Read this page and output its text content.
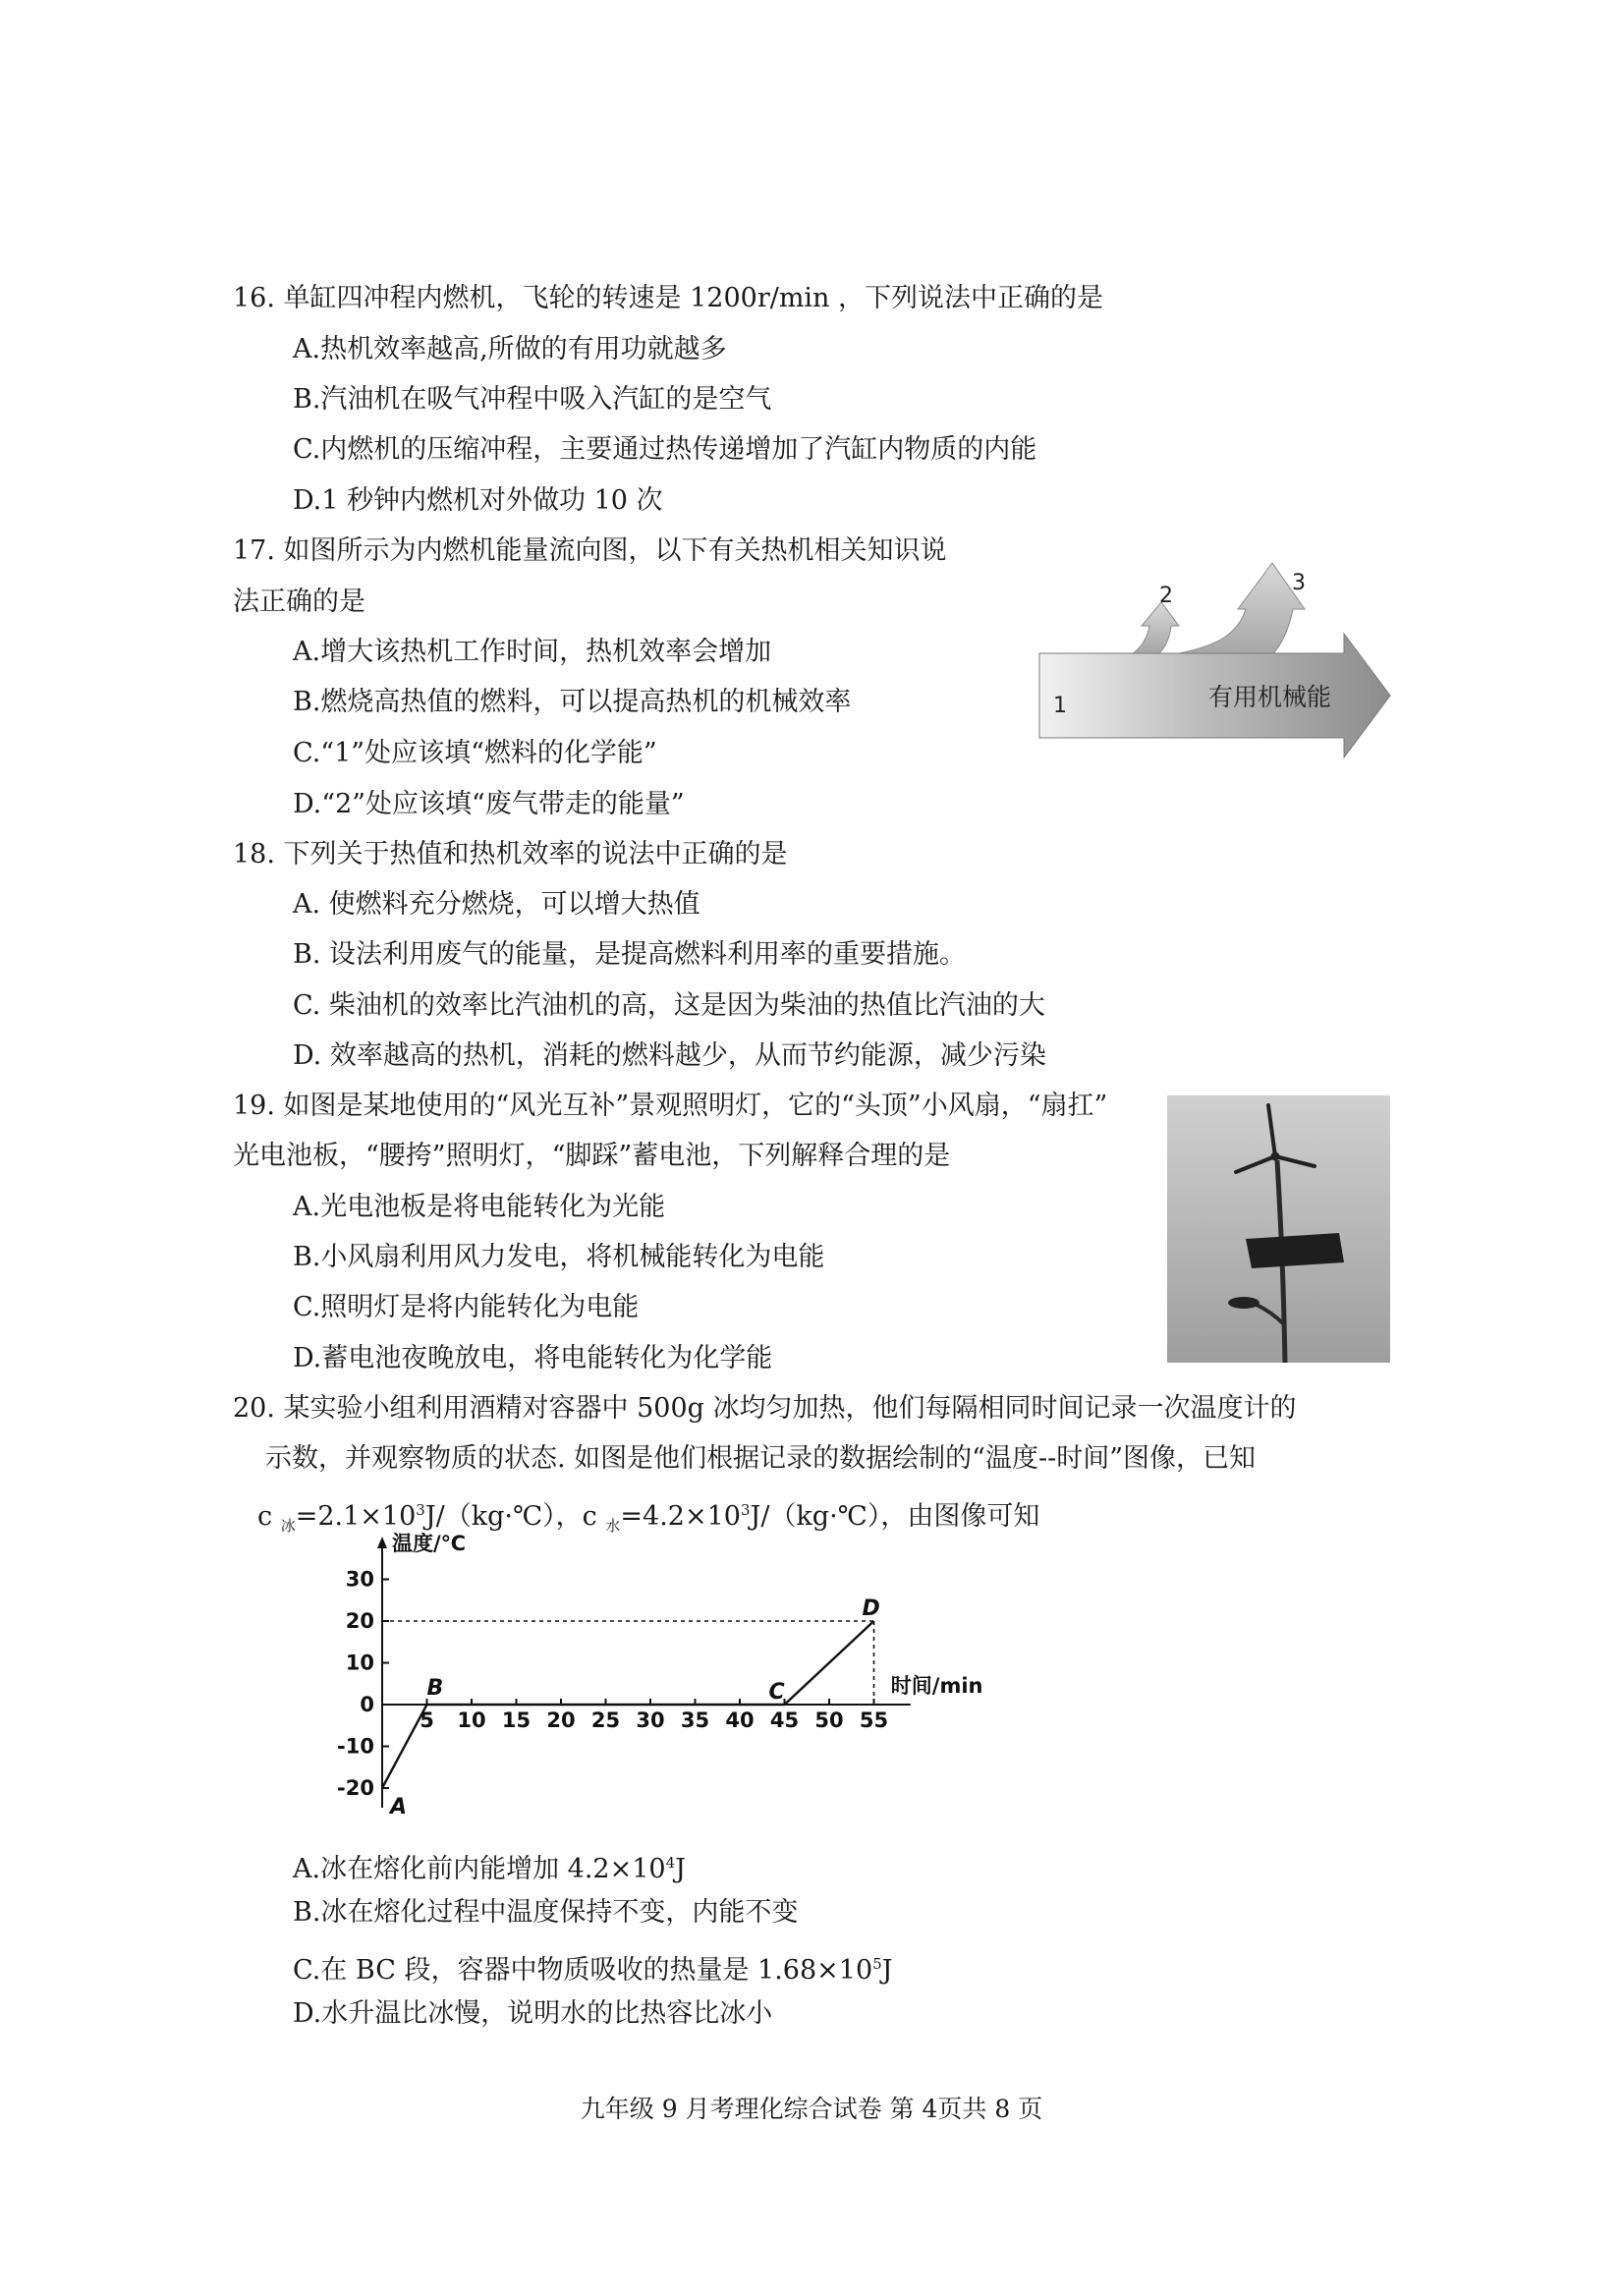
16. 单缸四冲程内燃机，飞轮的转速是 1200r/min ，下列说法中正确的是
A.热机效率越高,所做的有用功就越多
B.汽油机在吸气冲程中吸入汽缸的是空气
C.内燃机的压缩冲程，主要通过热传递增加了汽缸内物质的内能
D.1 秒钟内燃机对外做功 10 次
17. 如图所示为内燃机能量流向图，以下有关热机相关知识说
法正确的是
A.增大该热机工作时间，热机效率会增加
B.燃烧高热值的燃料，可以提高热机的机械效率
C.“1”处应该填“燃料的化学能”
D.“2”处应该填“废气带走的能量”
1
2
3
有用机械能
18. 下列关于热值和热机效率的说法中正确的是
A. 使燃料充分燃烧，可以增大热值
B. 设法利用废气的能量，是提高燃料利用率的重要措施。
C. 柴油机的效率比汽油机的高，这是因为柴油的热值比汽油的大
D. 效率越高的热机，消耗的燃料越少，从而节约能源，减少污染
19. 如图是某地使用的“风光互补”景观照明灯，它的“头顶”小风扇，“扇扛”
光电池板，“腰挎”照明灯，“脚踩”蓄电池，下列解释合理的是
A.光电池板是将电能转化为光能
B.小风扇利用风力发电，将机械能转化为电能
C.照明灯是将内能转化为电能
D.蓄电池夜晚放电，将电能转化为化学能
20. 某实验小组利用酒精对容器中 500g 冰均匀加热，他们每隔相同时间记录一次温度计的
示数，并观察物质的状态. 如图是他们根据记录的数据绘制的“温度--时间”图像，已知
c $_冰=2.1\times 10^3J/(kg\cdot℃)$，c $_水=4.2\times 10^3J/(kg\cdot℃)$，由图像可知
温度/℃
时间/min
30
20
10
0
-10
-20
5 10 15 20 25 30 35 40 45 50 55
A
B	C
D
A.冰在熔化前内能增加 $4.2\times 10^4J$
B.冰在熔化过程中温度保持不变，内能不变
C.在 BC 段，容器中物质吸收的热量是 $1.68\times 10^5J$
D.水升温比冰慢，说明水的比热容比冰小
九年级 9 月考理化综合试卷 第 4页共 8 页
